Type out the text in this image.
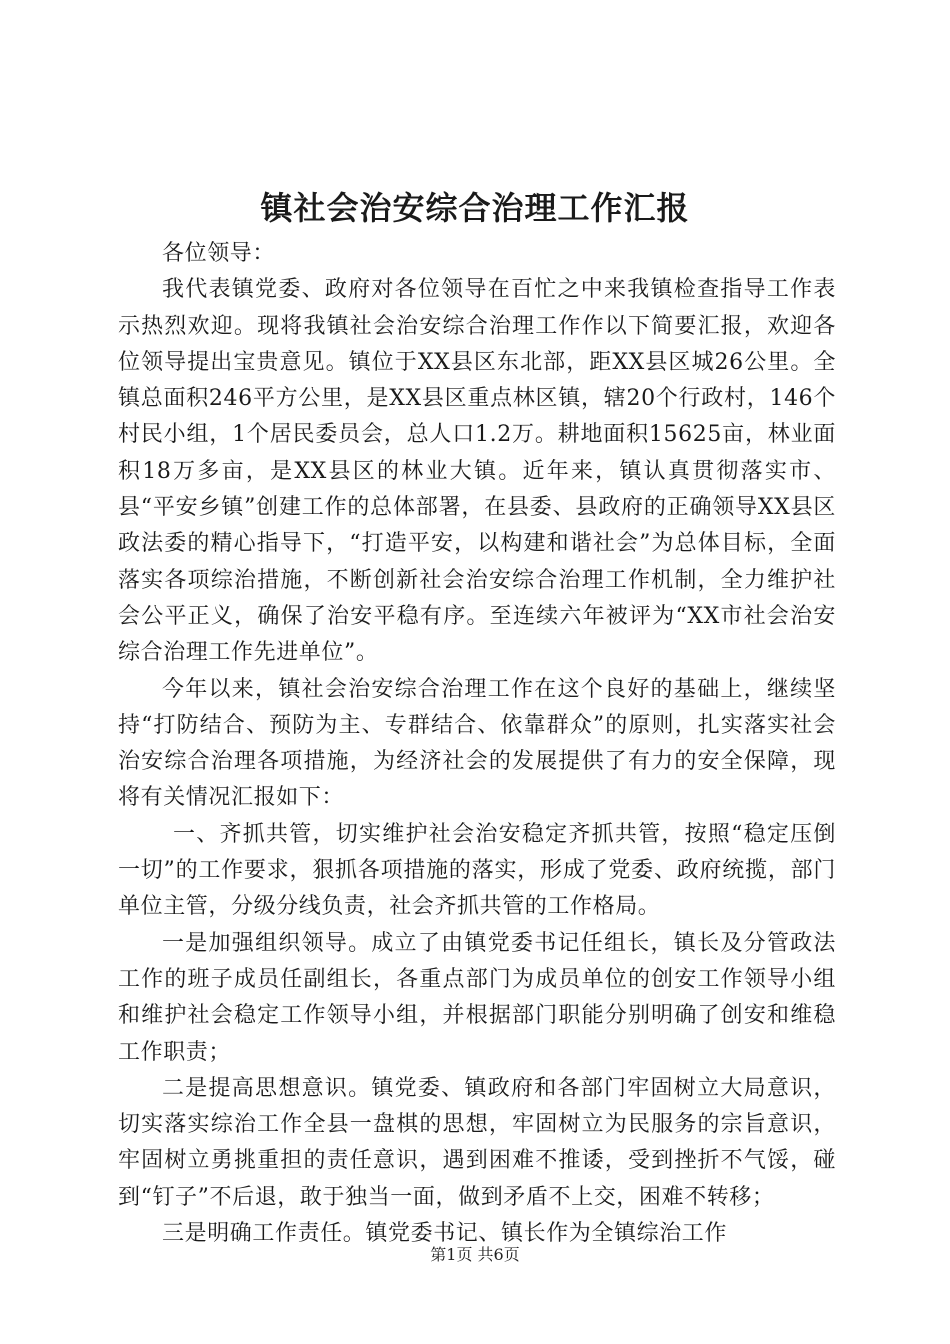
镇社会治安综合治理工作汇报

各位领导：

我代表镇党委、政府对各位领导在百忙之中来我镇检查指导工作表示热烈欢迎。现将我镇社会治安综合治理工作作以下简要汇报，欢迎各位领导提出宝贵意见。镇位于XX县区东北部，距XX县区城26公里。全镇总面积246平方公里，是XX县区重点林区镇，辖20个行政村，146个村民小组，1个居民委员会，总人口1.2万。耕地面积15625亩，林业面积18万多亩，是XX县区的林业大镇。近年来，镇认真贯彻落实市、县“平安乡镇”创建工作的总体部署，在县委、县政府的正确领导XX县区政法委的精心指导下，“打造平安，以构建和谐社会”为总体目标，全面落实各项综治措施，不断创新社会治安综合治理工作机制，全力维护社会公平正义，确保了治安平稳有序。至连续六年被评为“XX市社会治安综合治理工作先进单位”。

今年以来，镇社会治安综合治理工作在这个良好的基础上，继续坚持“打防结合、预防为主、专群结合、依靠群众”的原则，扎实落实社会治安综合治理各项措施，为经济社会的发展提供了有力的安全保障，现将有关情况汇报如下：

一、齐抓共管，切实维护社会治安稳定齐抓共管，按照“稳定压倒一切”的工作要求，狠抓各项措施的落实，形成了党委、政府统揽，部门单位主管，分级分线负责，社会齐抓共管的工作格局。

一是加强组织领导。成立了由镇党委书记任组长，镇长及分管政法工作的班子成员任副组长，各重点部门为成员单位的创安工作领导小组和维护社会稳定工作领导小组，并根据部门职能分别明确了创安和维稳工作职责；

二是提高思想意识。镇党委、镇政府和各部门牢固树立大局意识，切实落实综治工作全县一盘棋的思想，牢固树立为民服务的宗旨意识，牢固树立勇挑重担的责任意识，遇到困难不推诿，受到挫折不气馁，碰到“钉子”不后退，敢于独当一面，做到矛盾不上交，困难不转移；

三是明确工作责任。镇党委书记、镇长作为全镇综治工作

第1页 共6页
